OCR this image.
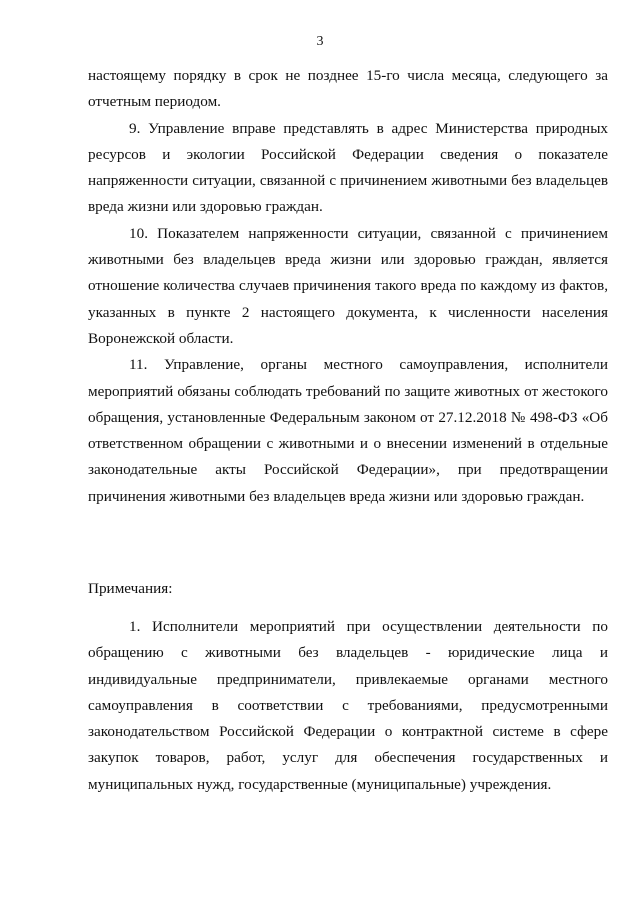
3

настоящему порядку в срок не позднее 15-го числа месяца, следующего за отчетным периодом.

9. Управление вправе представлять в адрес Министерства природных ресурсов и экологии Российской Федерации сведения о показателе напряженности ситуации, связанной с причинением животными без владельцев вреда жизни или здоровью граждан.

10. Показателем напряженности ситуации, связанной с причинением животными без владельцев вреда жизни или здоровью граждан, является отношение количества случаев причинения такого вреда по каждому из фактов, указанных в пункте 2 настоящего документа, к численности населения Воронежской области.

11. Управление, органы местного самоуправления, исполнители мероприятий обязаны соблюдать требований по защите животных от жестокого обращения, установленные Федеральным законом от 27.12.2018 № 498-ФЗ «Об ответственном обращении с животными и о внесении изменений в отдельные законодательные акты Российской Федерации», при предотвращении причинения животными без владельцев вреда жизни или здоровью граждан.

Примечания:

1. Исполнители мероприятий при осуществлении деятельности по обращению с животными без владельцев - юридические лица и индивидуальные предприниматели, привлекаемые органами местного самоуправления в соответствии с требованиями, предусмотренными законодательством Российской Федерации о контрактной системе в сфере закупок товаров, работ, услуг для обеспечения государственных и муниципальных нужд, государственные (муниципальные) учреждения.
